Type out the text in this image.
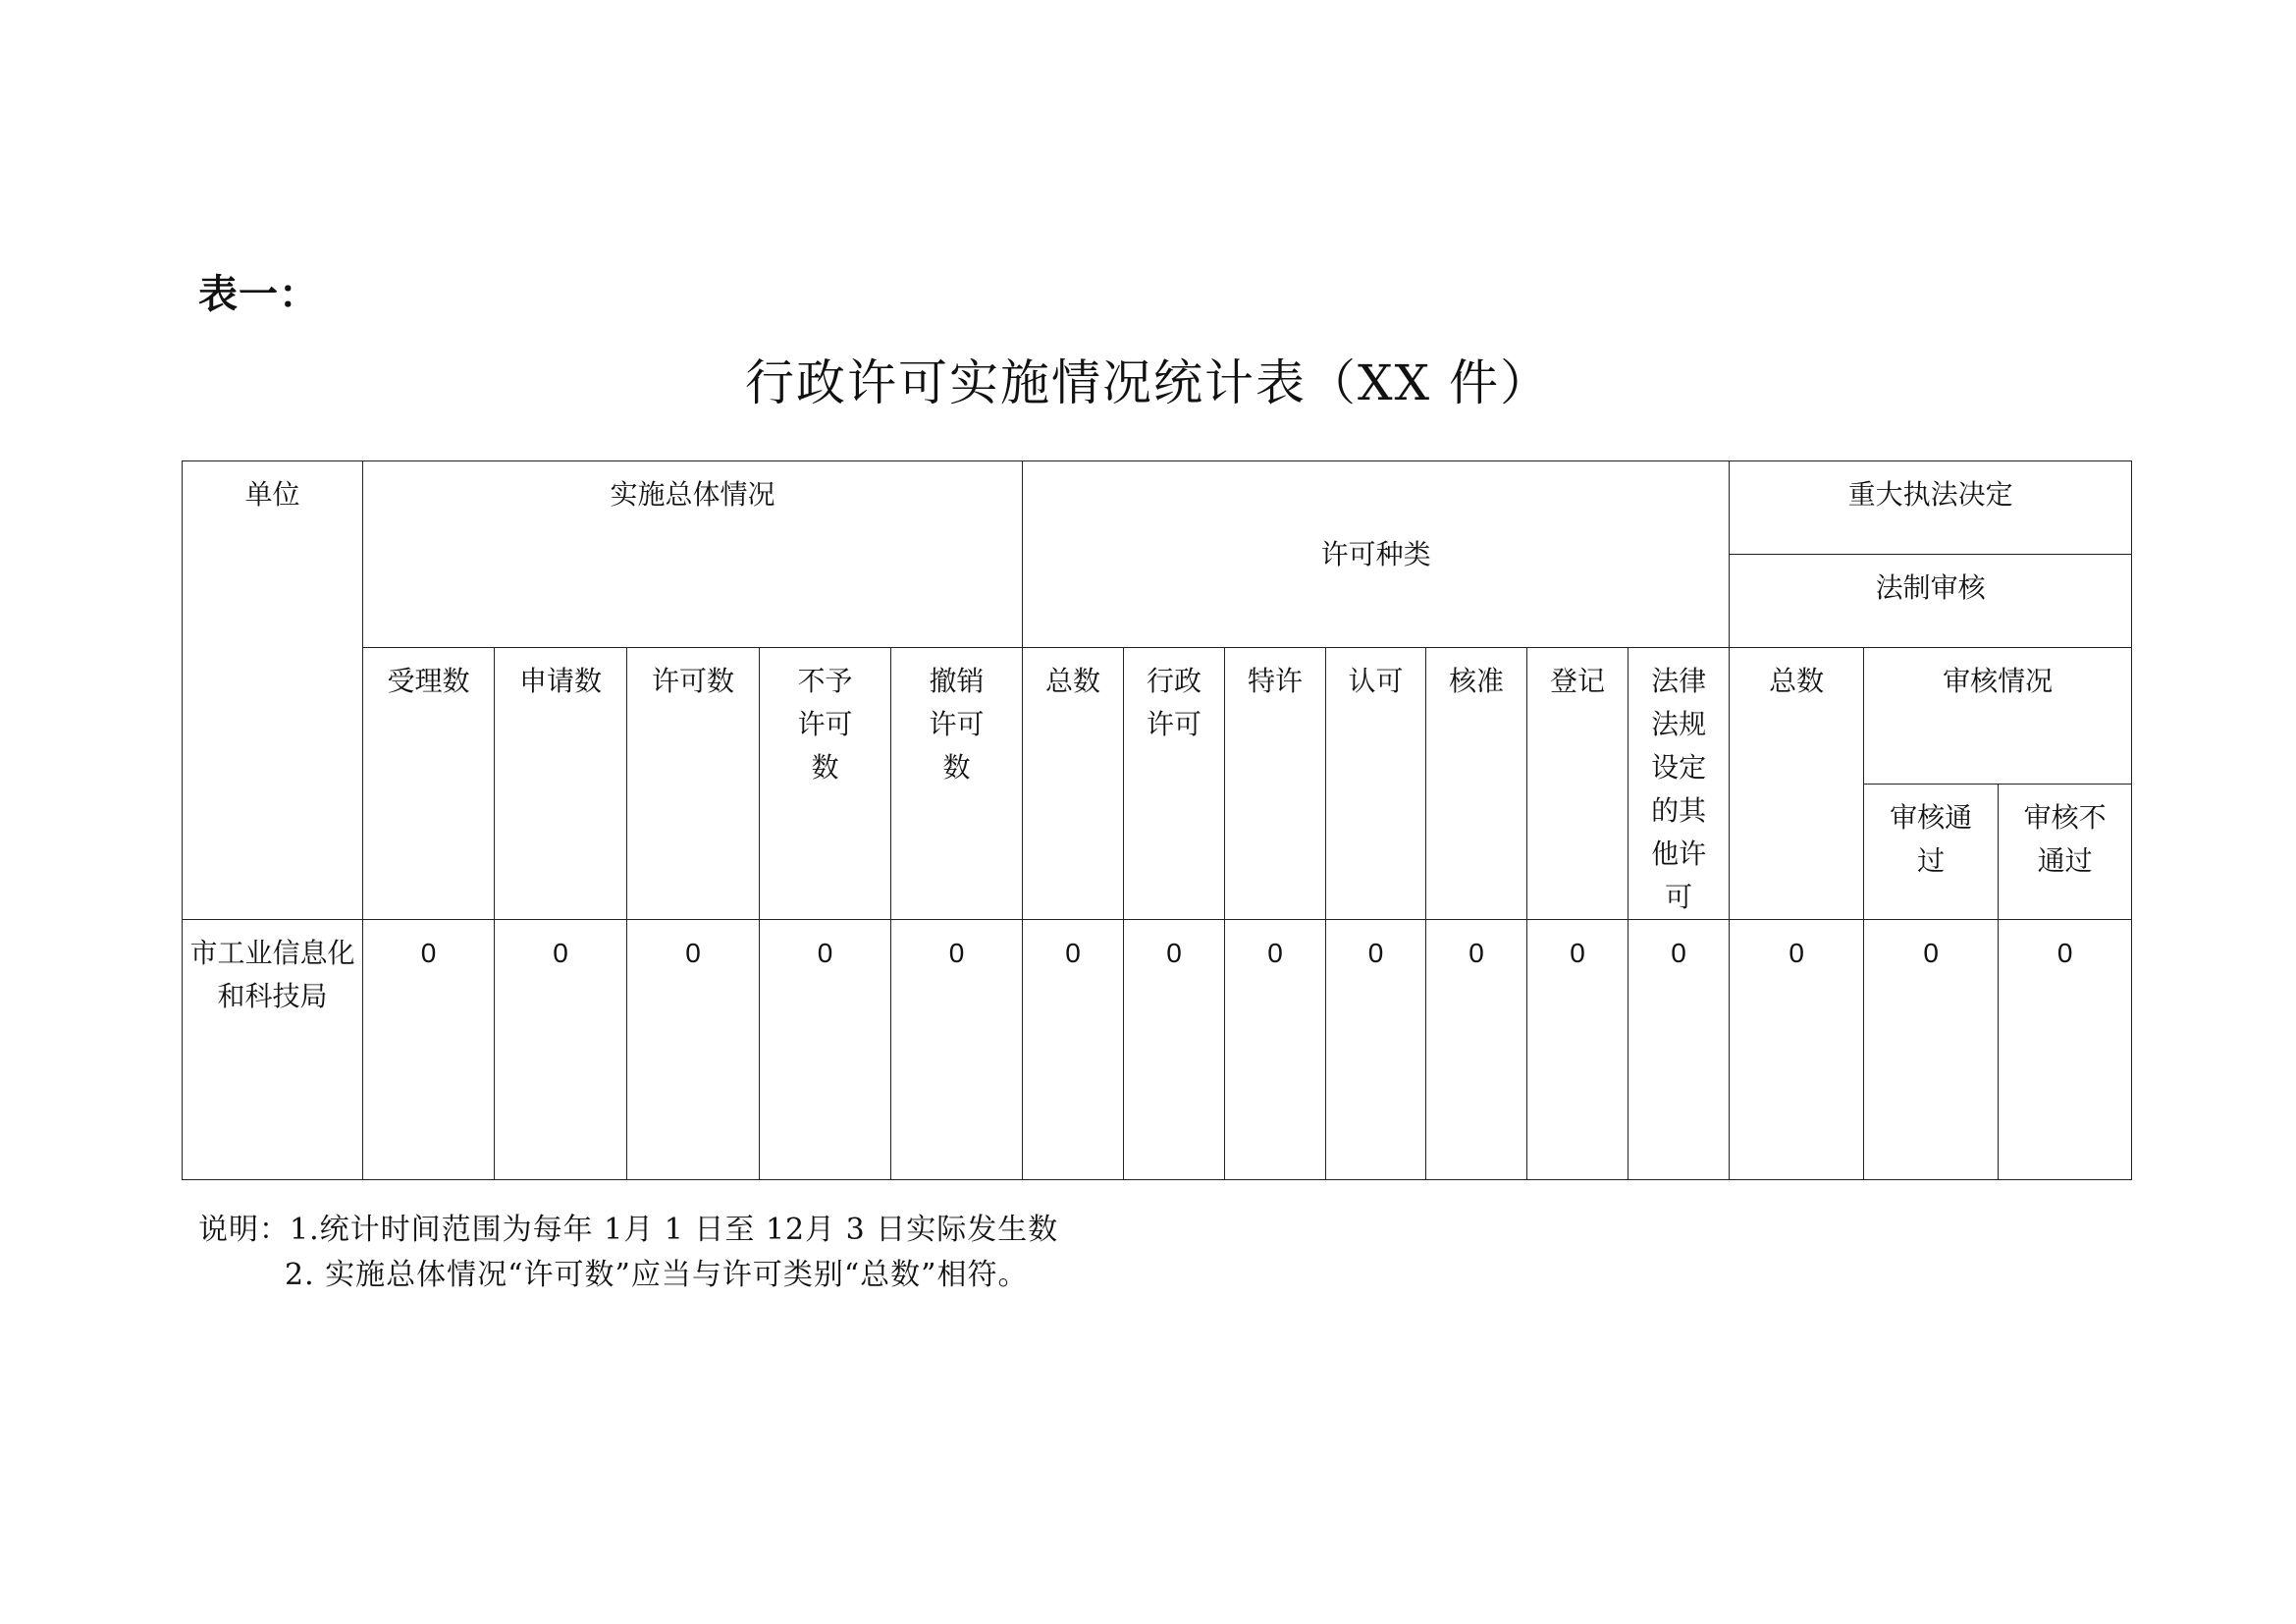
表一：
行政许可实施情况统计表（XX 件）
单位	实施总体情况					许可种类							重大执法决定		
													法制审核		
	受理数	申请数	许可数	不予许可数	撤销许可数	总数	行政许可	特许	认可	核准	登记	法律法规设定的其他许可	总数	审核情况	

														审核通过	审核不通过
市工业信息化和科技局	0	0	0	0	0	0	0	0	0	0	0	0	0	0	0
说明：1.统计时间范围为每年 1月 1 日至 12月 3 日实际发生数
2. 实施总体情况“许可数”应当与许可类别“总数”相符。
